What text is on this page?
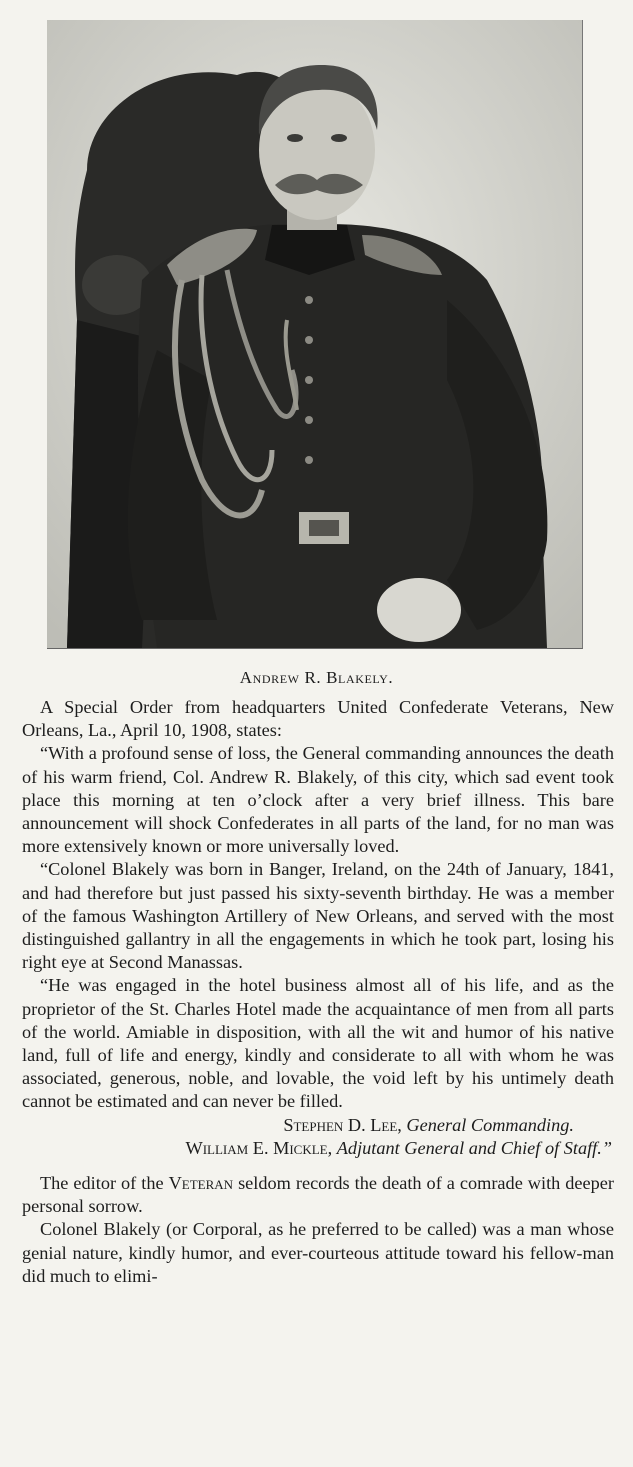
Andrew R. Blakely.

A Special Order from headquarters United Confederate Veterans, New Orleans, La., April 10, 1908, states:

“With a profound sense of loss, the General commanding announces the death of his warm friend, Col. Andrew R. Blakely, of this city, which sad event took place this morning at ten o’clock after a very brief illness. This bare announcement will shock Confederates in all parts of the land, for no man was more extensively known or more universally loved.

“Colonel Blakely was born in Banger, Ireland, on the 24th of January, 1841, and had therefore but just passed his sixty-seventh birthday. He was a member of the famous Washington Artillery of New Orleans, and served with the most distinguished gallantry in all the engagements in which he took part, losing his right eye at Second Manassas.

“He was engaged in the hotel business almost all of his life, and as the proprietor of the St. Charles Hotel made the acquaintance of men from all parts of the world. Amiable in disposition, with all the wit and humor of his native land, full of life and energy, kindly and considerate to all with whom he was associated, generous, noble, and lovable, the void left by his untimely death cannot be estimated and can never be filled.

Stephen D. Lee, General Commanding.
William E. Mickle, Adjutant General and Chief of Staff.”

The editor of the Veteran seldom records the death of a comrade with deeper personal sorrow.

Colonel Blakely (or Corporal, as he preferred to be called) was a man whose genial nature, kindly humor, and ever-courteous attitude toward his fellow-man did much to elimi-
